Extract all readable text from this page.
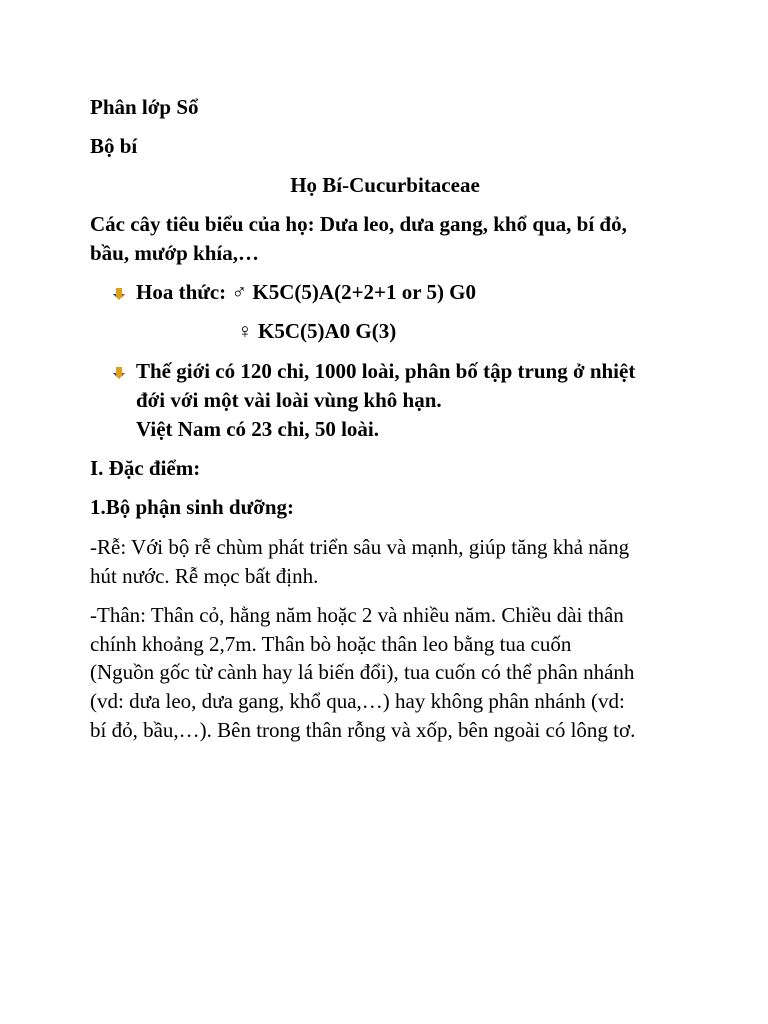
Phân lớp Sổ
Bộ bí
Họ Bí-Cucurbitaceae
Các cây tiêu biểu của họ: Dưa leo, dưa gang, khổ qua, bí đỏ,
bầu, mướp khía,…
Hoa thức: ♂ K5C(5)A(2+2+1 or 5) G0
♀ K5C(5)A0 G(3)
Thế giới có 120 chi, 1000 loài, phân bố tập trung ở nhiệt
đới với một vài loài vùng khô hạn.
Việt Nam có 23 chi, 50 loài.
I. Đặc điểm:
1.Bộ phận sinh dưỡng:
-Rễ: Với bộ rễ chùm phát triển sâu và mạnh, giúp tăng khả năng
hút nước. Rễ mọc bất định.
-Thân: Thân cỏ, hằng năm hoặc 2 và nhiều năm. Chiều dài thân
chính khoảng 2,7m. Thân bò hoặc thân leo bằng tua cuốn
(Nguồn gốc từ cành hay lá biến đổi), tua cuốn có thể phân nhánh
(vd: dưa leo, dưa gang, khổ qua,…) hay không phân nhánh (vd:
bí đỏ, bầu,…). Bên trong thân rỗng và xốp, bên ngoài có lông tơ.
